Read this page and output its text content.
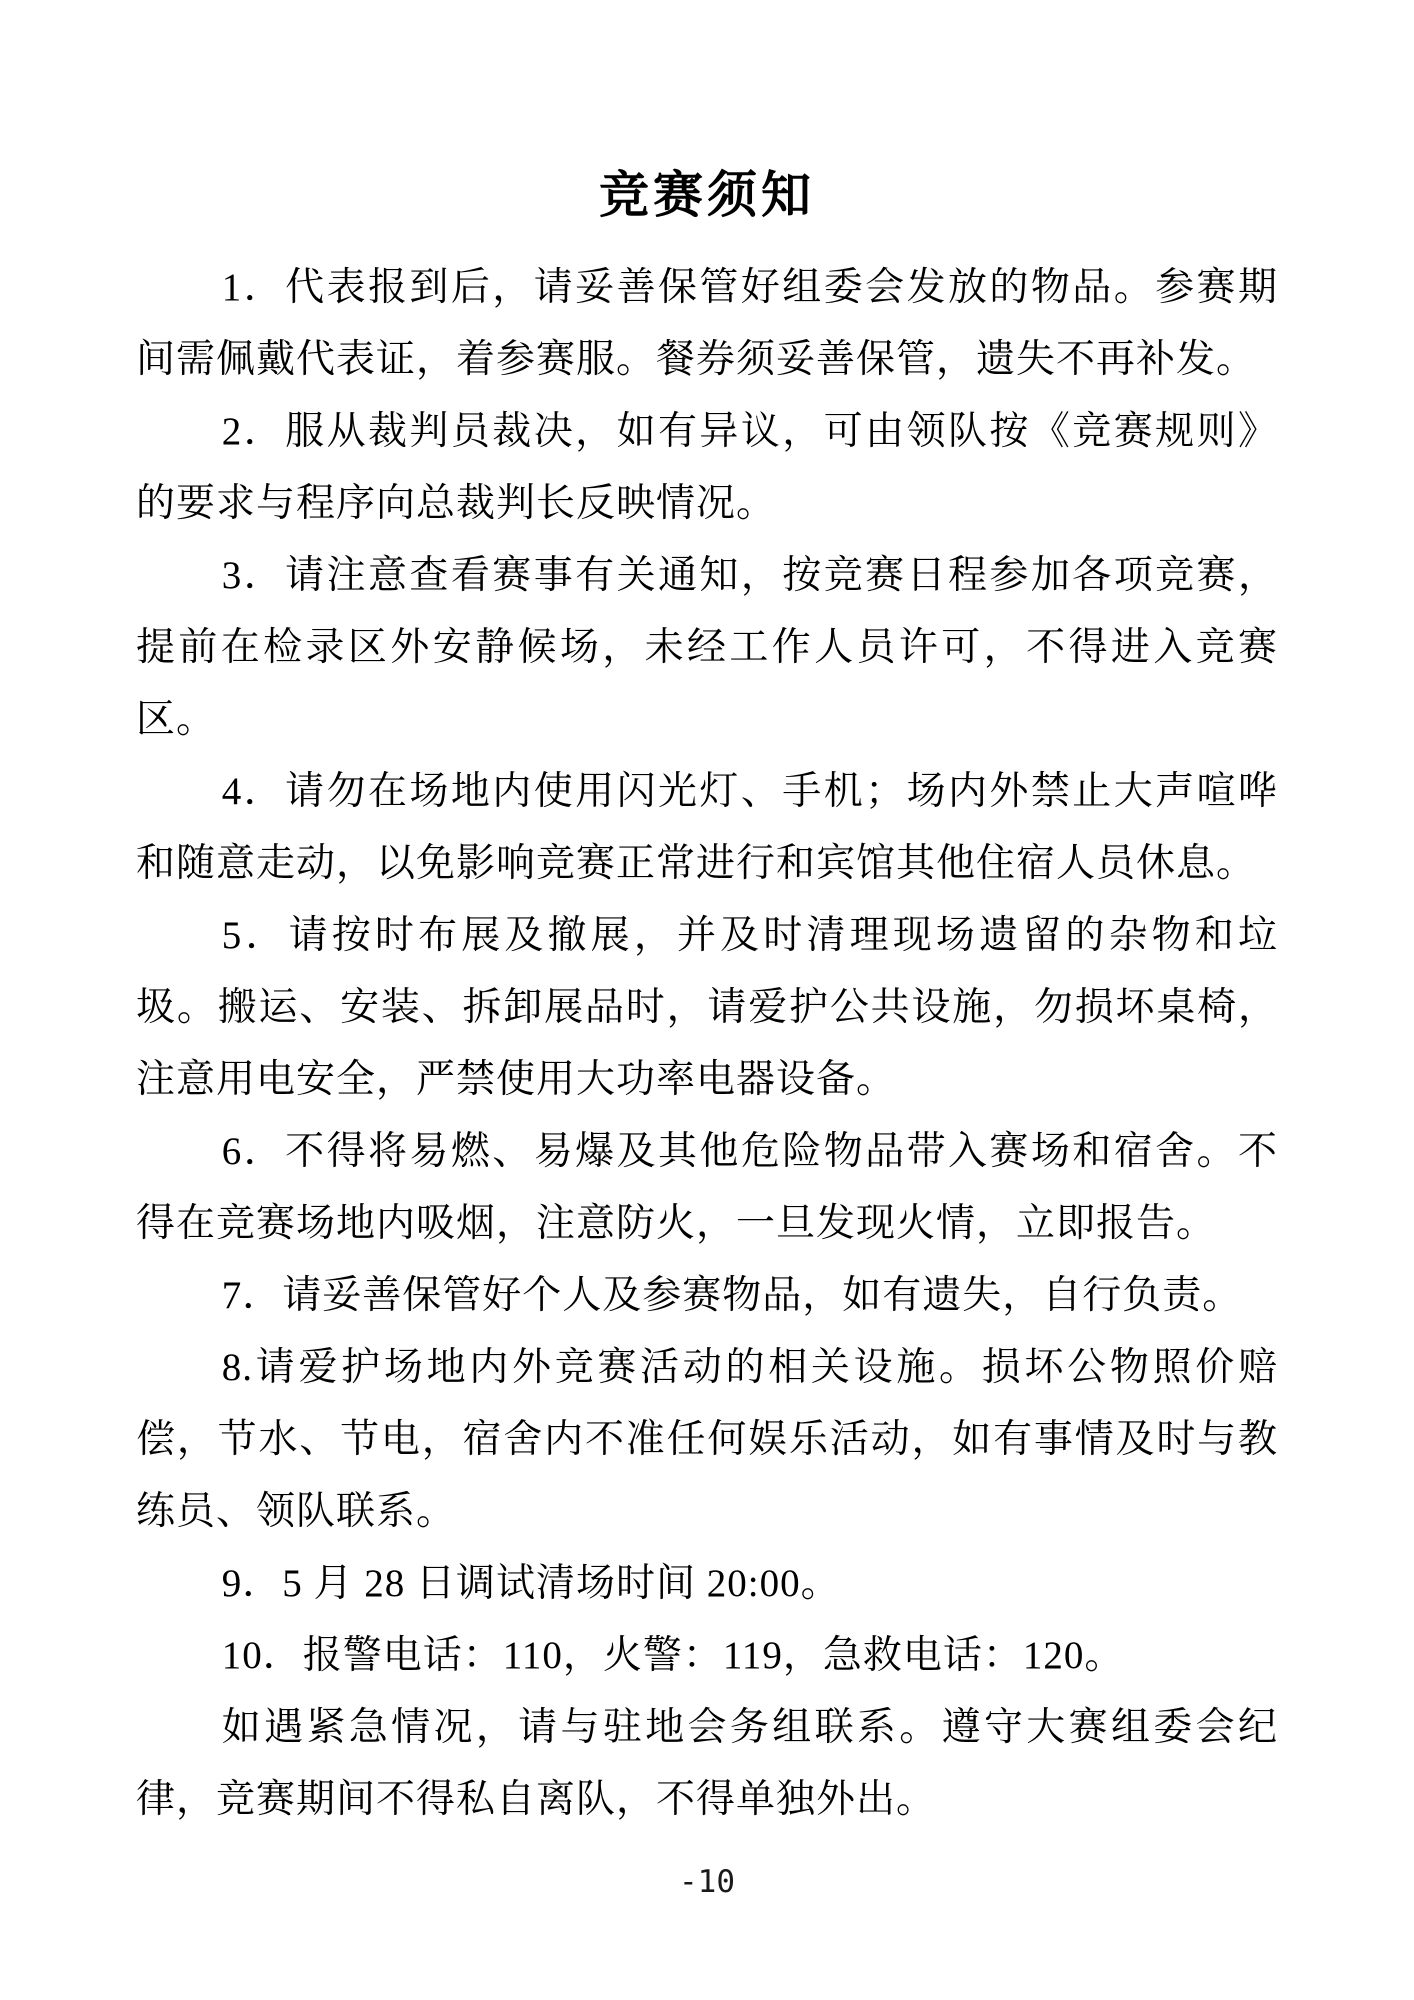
竞赛须知

1．代表报到后，请妥善保管好组委会发放的物品。参赛期间需佩戴代表证，着参赛服。餐券须妥善保管，遗失不再补发。

2．服从裁判员裁决，如有异议，可由领队按《竞赛规则》的要求与程序向总裁判长反映情况。

3．请注意查看赛事有关通知，按竞赛日程参加各项竞赛，提前在检录区外安静候场，未经工作人员许可，不得进入竞赛区。

4．请勿在场地内使用闪光灯、手机；场内外禁止大声喧哗和随意走动，以免影响竞赛正常进行和宾馆其他住宿人员休息。

5．请按时布展及撤展，并及时清理现场遗留的杂物和垃圾。搬运、安装、拆卸展品时，请爱护公共设施，勿损坏桌椅，注意用电安全，严禁使用大功率电器设备。

6．不得将易燃、易爆及其他危险物品带入赛场和宿舍。不得在竞赛场地内吸烟，注意防火，一旦发现火情，立即报告。

7．请妥善保管好个人及参赛物品，如有遗失，自行负责。

8.请爱护场地内外竞赛活动的相关设施。损坏公物照价赔偿，节水、节电，宿舍内不准任何娱乐活动，如有事情及时与教练员、领队联系。

9．5 月 28 日调试清场时间 20:00。

10．报警电话：110，火警：119，急救电话：120。

如遇紧急情况，请与驻地会务组联系。遵守大赛组委会纪律，竞赛期间不得私自离队，不得单独外出。

-10
